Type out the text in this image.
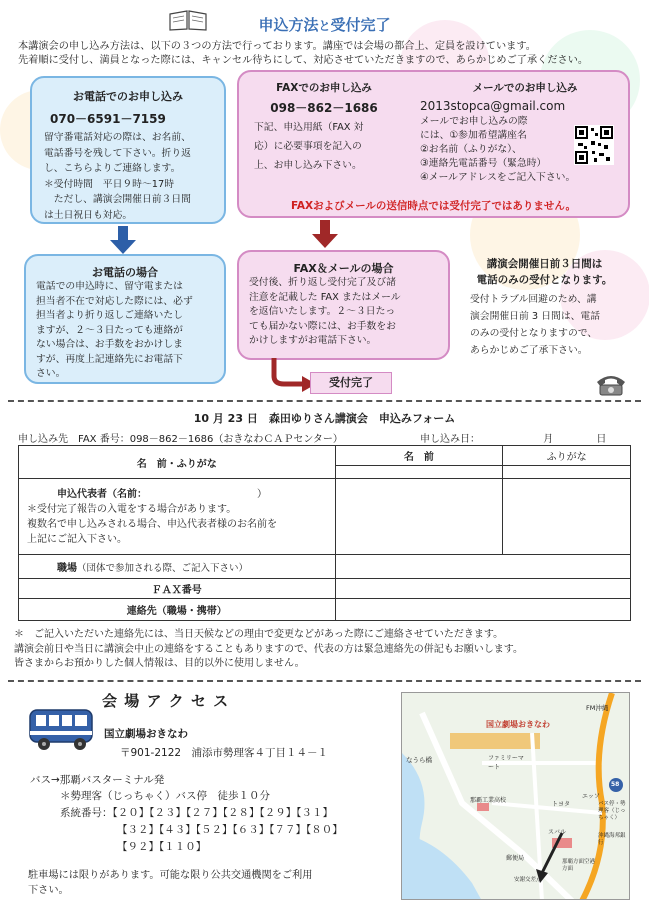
申込方法と受付完了
本講演会の申し込み方法は、以下の３つの方法で行っております。講座では会場の都合上、定員を設けています。
先着順に受付し、満員となった際には、キャンセル待ちにして、対応させていただきますので、あらかじめご了承ください。
お電話でのお申し込み
070－6591－7159
留守番電話対応の際は、お名前、
電話番号を残して下さい。折り返
し、こちらよりご連絡します。
＊受付時間　平日９時～17時
　ただし、講演会開催日前３日間
は土日祝日も対応。
FAXでのお申し込み
098－862－1686
下記、申込用紙（FAX 対
応）に必要事項を記入の
上、お申し込み下さい。
メールでのお申し込み
2013stopca@gmail.com
メールでお申し込みの際
には、①参加希望講座名
②お名前（ふりがな）、
③連絡先電話番号（緊急時）
④メールアドレスをご記入下さい。
FAXおよびメールの送信時点では受付完了ではありません。
お電話の場合
電話での申込時に、留守電または
担当者不在で対応した際には、必ず
担当者より折り返しご連絡いたし
ますが、２～３日たっても連絡が
ない場合は、お手数をおかけしま
すが、再度上記連絡先にお電話下
さい。
FAX＆メールの場合
受付後、折り返し受付完了及び諸
注意を記載した FAX またはメール
を返信いたします。２～３日たっ
ても届かない際には、お手数をお
かけしますがお電話下さい。
受付完了
講演会開催日前３日間は
電話のみの受付となります。
受付トラブル回避のため、講
演会開催日前 3 日間は、電話
のみの受付となりますので、
あらかじめご了承下さい。
10 月 23 日　森田ゆりさん講演会　申込みフォーム
申し込み先　FAX 番号：098－862－1686（おきなわＣＡＰセンター）	申し込み日：	月	日
名　前・ふりがな	名　前	ふりがな

申込代表者（名前： ）
＊受付完了報告の入電をする場合があります。
複数名で申し込みされる場合、申込代表者様のお名前を
上記にご記入下さい。		

職場（団体で参加される際、ご記入下さい）		
ＦＡＸ番号		
連絡先（職場・携帯）		
＊　ご記入いただいた連絡先には、当日天候などの理由で変更などがあった際にご連絡させていただきます。
講演会前日や当日に講演会中止の連絡をすることもありますので、代表の方は緊急連絡先の併記もお願いします。
皆さまからお預かりした個人情報は、目的以外に使用しません。
会 場 ア ク セ ス
国立劇場おきなわ
〒901-2122　浦添市勢理客４丁目１４－１
バス→那覇バスターミナル発
＊勢理客（じっちゃく）バス停　徒歩１０分
系統番号：【２０】【２３】【２７】【２８】【２９】【３１】
【３２】【４３】【５２】【６３】【７７】【８０】
【９２】【１１０】
駐車場には限りがあります。可能な限り公共交通機関をご利用
下さい。
国立劇場おきなわ
FM沖縄
なうら橋	ファミリーマート
那覇工業高校
トヨタ
エッソ
スバル
バス停・勢理客（じっちゃく）
沖縄海邦銀行
郵便局	那覇方面空港方面
安謝交差点
58
